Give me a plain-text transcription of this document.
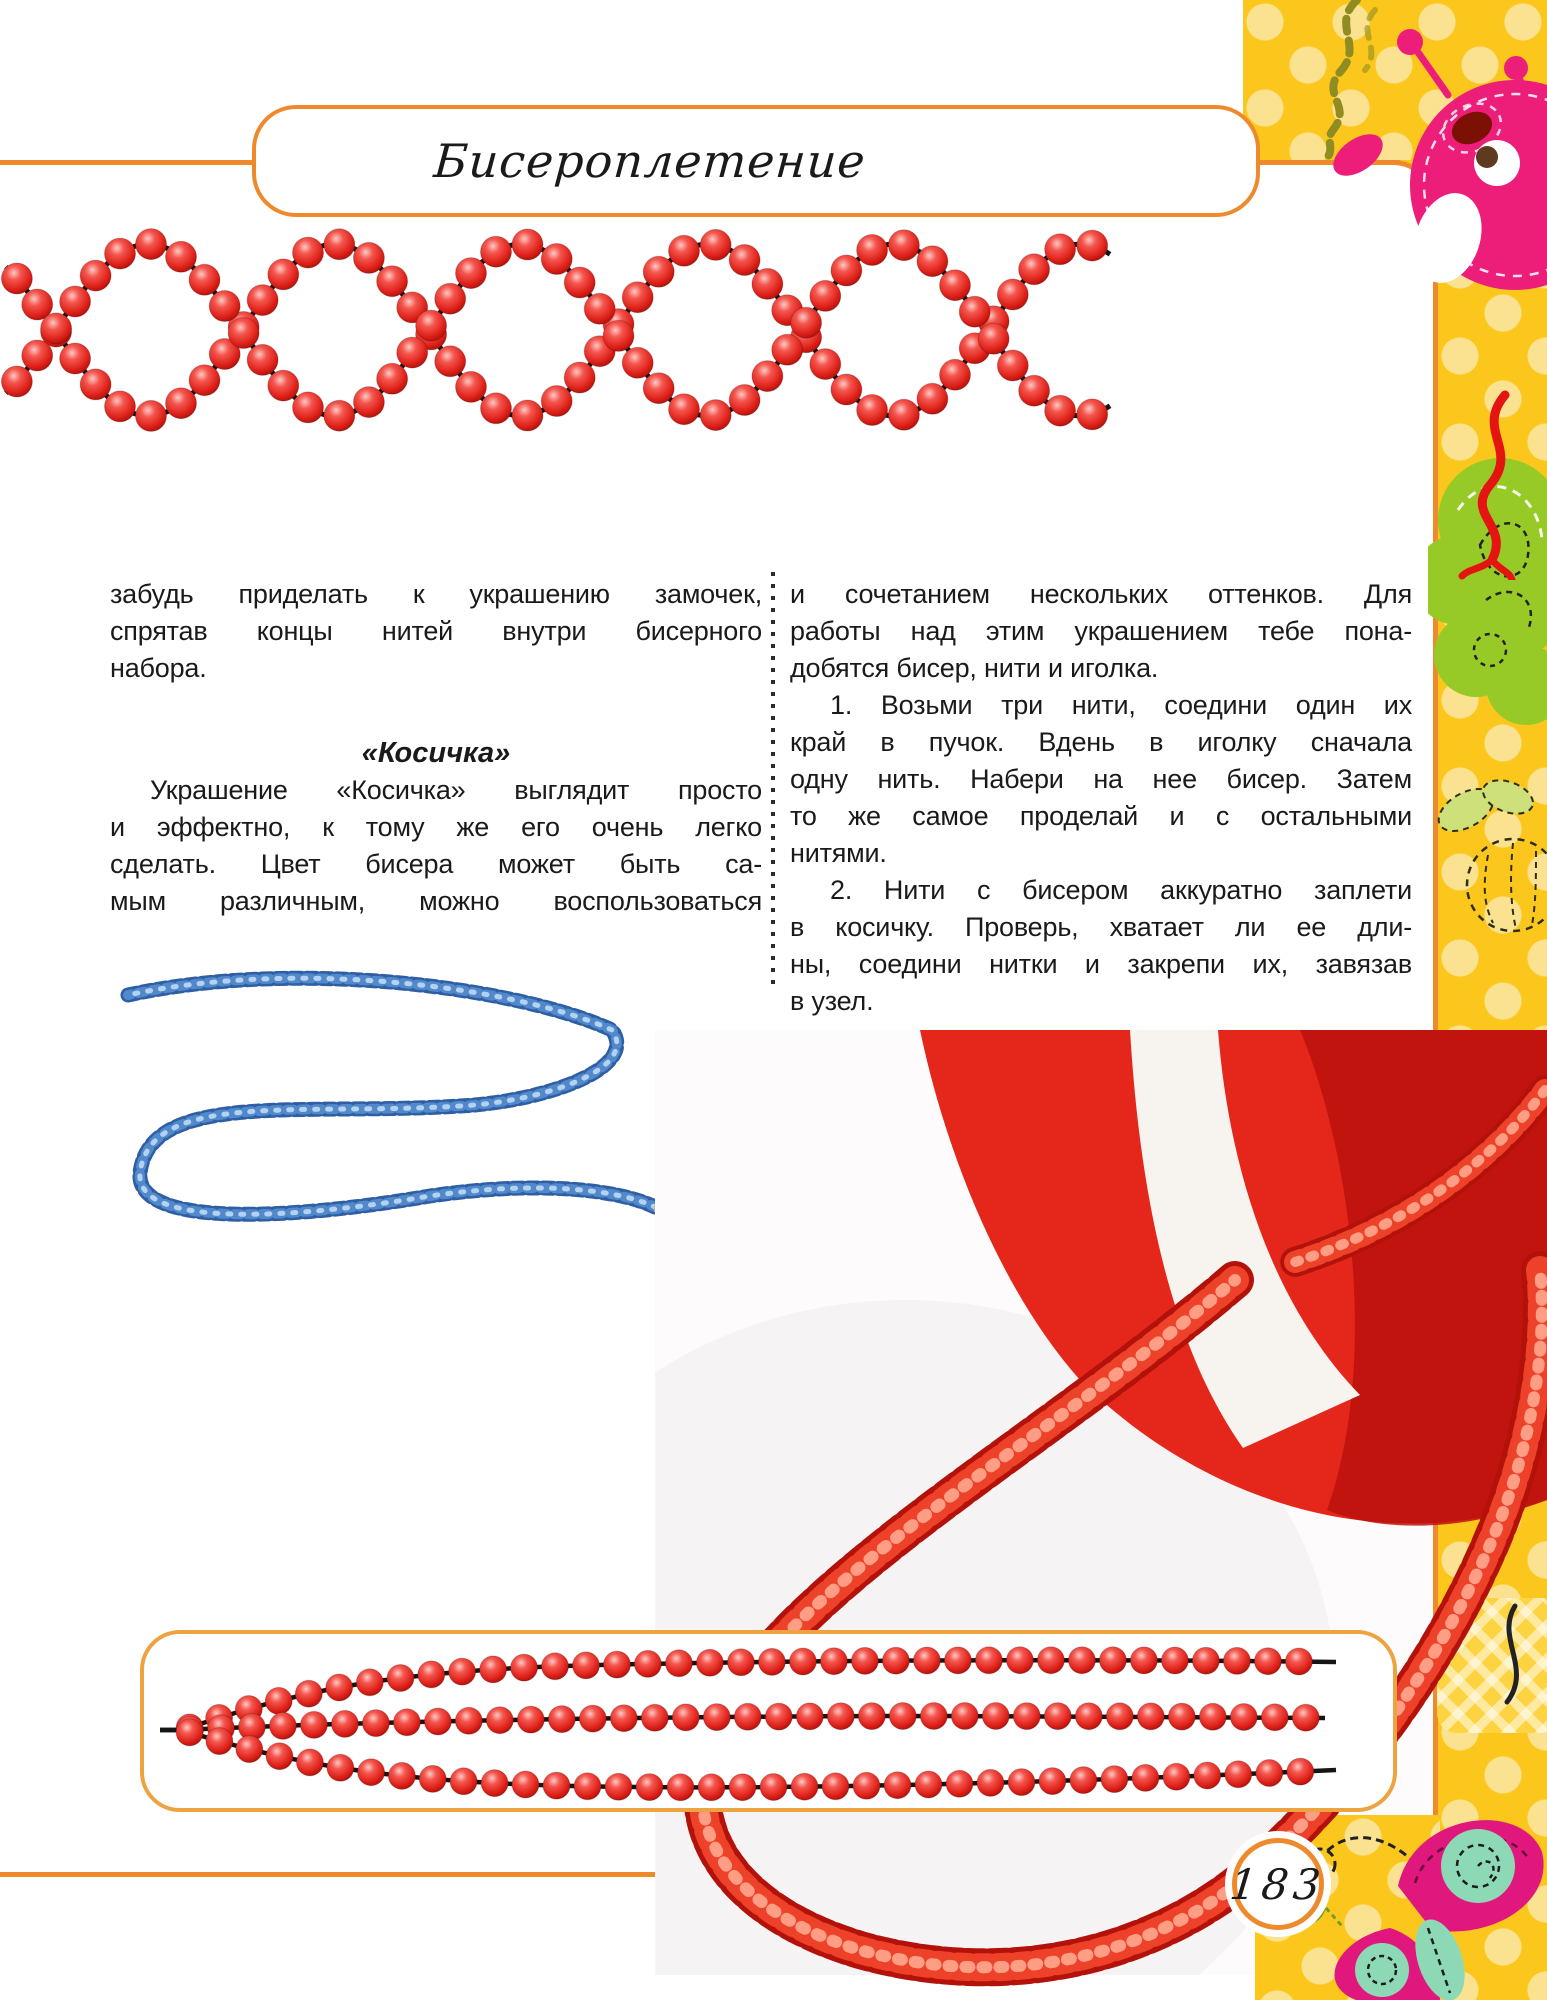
Бисероплетение
забудь приделать к украшению замочек,
спрятав концы нитей внутри бисерного
набора.
«Косичка»
Украшение «Косичка» выглядит просто
и эффектно, к тому же его очень легко
сделать. Цвет бисера может быть са-
мым различным, можно воспользоваться
и сочетанием нескольких оттенков. Для
работы над этим украшением тебе пона-
добятся бисер, нити и иголка.
1. Возьми три нити, соедини один их
край в пучок. Вдень в иголку сначала
одну нить. Набери на нее бисер. Затем
то же самое проделай и с остальными
нитями.
2. Нити с бисером аккуратно заплети
в косичку. Проверь, хватает ли ее дли-
ны, соедини нитки и закрепи их, завязав
в узел.
183
